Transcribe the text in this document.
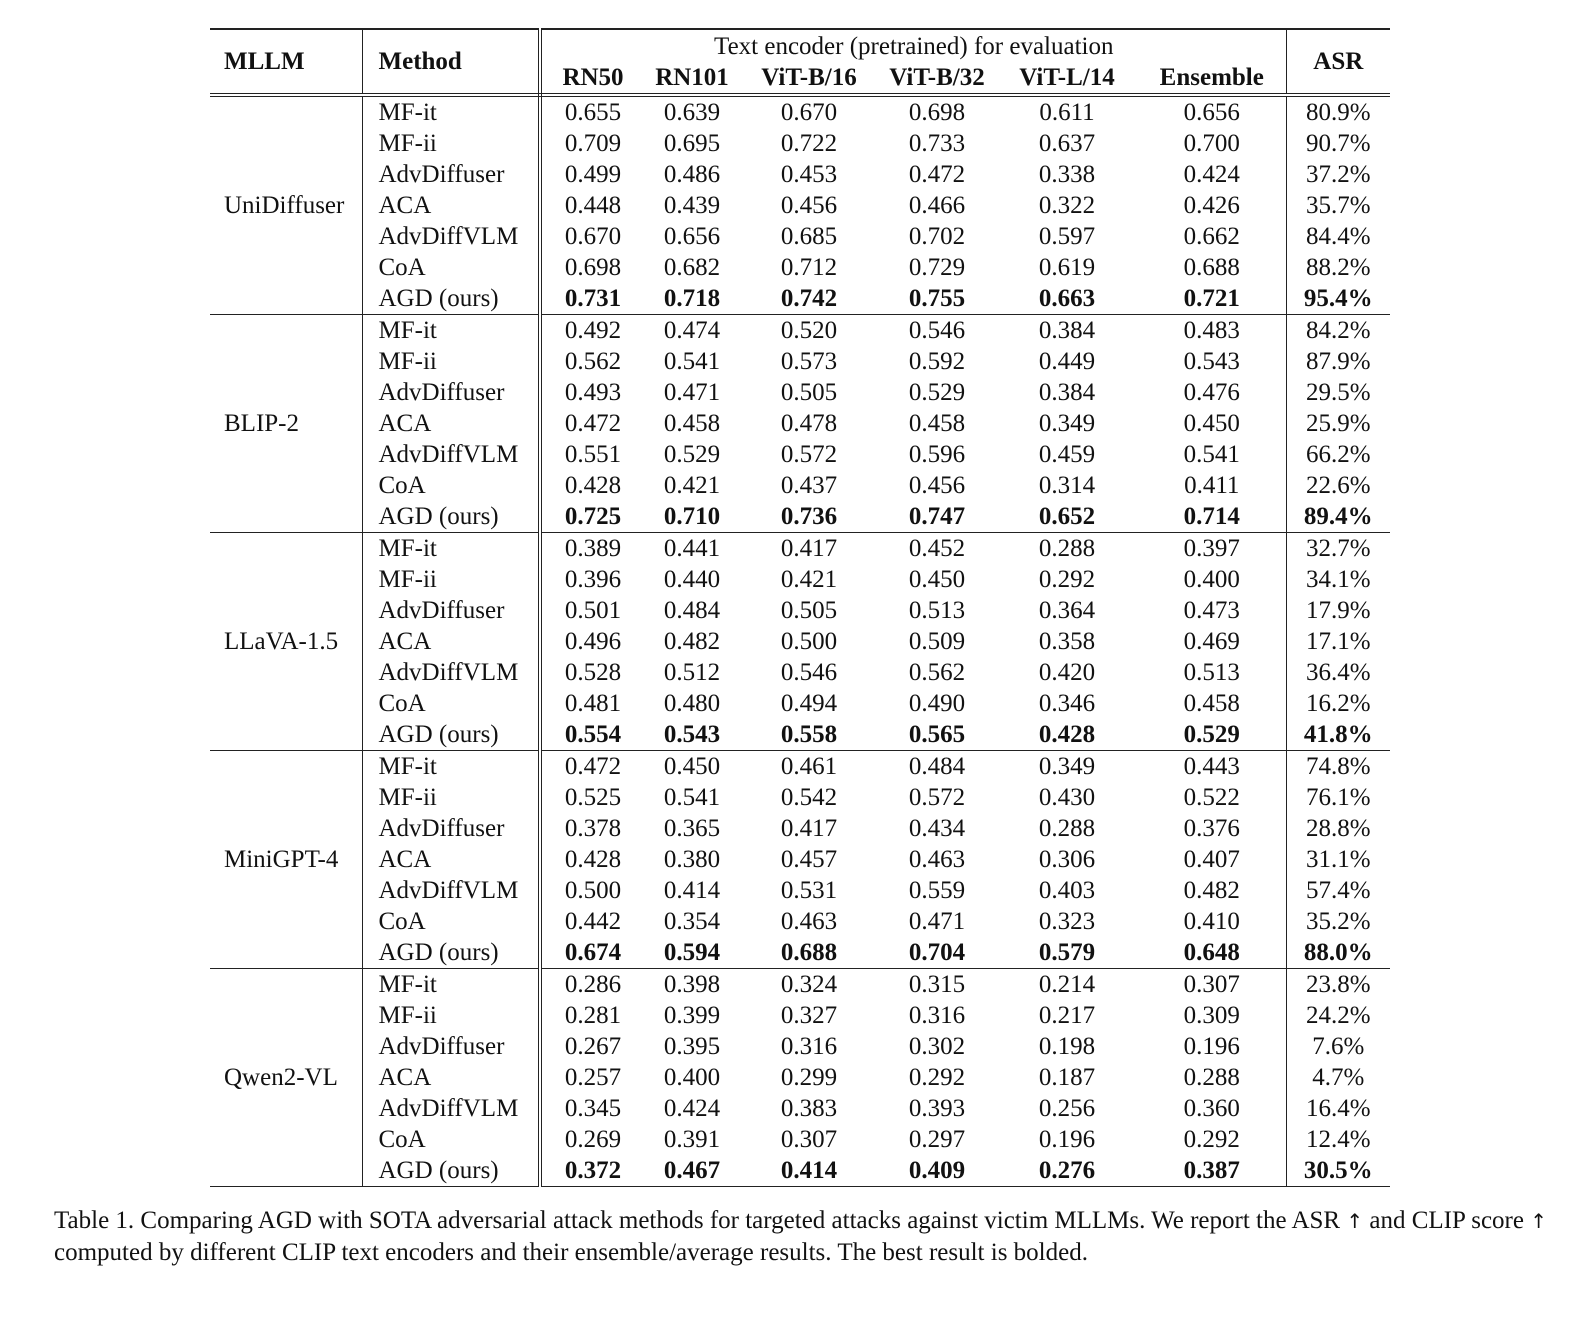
MLLM	Method	Text encoder (pretrained) for evaluation						ASR
		RN50	RN101	ViT-B/16	ViT-B/32	ViT-L/14	Ensemble	
UniDiffuser	MF-it	0.655	0.639	0.670	0.698	0.611	0.656	80.9%
	MF-ii	0.709	0.695	0.722	0.733	0.637	0.700	90.7%
	AdvDiffuser	0.499	0.486	0.453	0.472	0.338	0.424	37.2%
	ACA	0.448	0.439	0.456	0.466	0.322	0.426	35.7%
	AdvDiffVLM	0.670	0.656	0.685	0.702	0.597	0.662	84.4%
	CoA	0.698	0.682	0.712	0.729	0.619	0.688	88.2%
	AGD (ours)	0.731	0.718	0.742	0.755	0.663	0.721	95.4%
BLIP-2	MF-it	0.492	0.474	0.520	0.546	0.384	0.483	84.2%
	MF-ii	0.562	0.541	0.573	0.592	0.449	0.543	87.9%
	AdvDiffuser	0.493	0.471	0.505	0.529	0.384	0.476	29.5%
	ACA	0.472	0.458	0.478	0.458	0.349	0.450	25.9%
	AdvDiffVLM	0.551	0.529	0.572	0.596	0.459	0.541	66.2%
	CoA	0.428	0.421	0.437	0.456	0.314	0.411	22.6%
	AGD (ours)	0.725	0.710	0.736	0.747	0.652	0.714	89.4%
LLaVA-1.5	MF-it	0.389	0.441	0.417	0.452	0.288	0.397	32.7%
	MF-ii	0.396	0.440	0.421	0.450	0.292	0.400	34.1%
	AdvDiffuser	0.501	0.484	0.505	0.513	0.364	0.473	17.9%
	ACA	0.496	0.482	0.500	0.509	0.358	0.469	17.1%
	AdvDiffVLM	0.528	0.512	0.546	0.562	0.420	0.513	36.4%
	CoA	0.481	0.480	0.494	0.490	0.346	0.458	16.2%
	AGD (ours)	0.554	0.543	0.558	0.565	0.428	0.529	41.8%
MiniGPT-4	MF-it	0.472	0.450	0.461	0.484	0.349	0.443	74.8%
	MF-ii	0.525	0.541	0.542	0.572	0.430	0.522	76.1%
	AdvDiffuser	0.378	0.365	0.417	0.434	0.288	0.376	28.8%
	ACA	0.428	0.380	0.457	0.463	0.306	0.407	31.1%
	AdvDiffVLM	0.500	0.414	0.531	0.559	0.403	0.482	57.4%
	CoA	0.442	0.354	0.463	0.471	0.323	0.410	35.2%
	AGD (ours)	0.674	0.594	0.688	0.704	0.579	0.648	88.0%
Qwen2-VL	MF-it	0.286	0.398	0.324	0.315	0.214	0.307	23.8%
	MF-ii	0.281	0.399	0.327	0.316	0.217	0.309	24.2%
	AdvDiffuser	0.267	0.395	0.316	0.302	0.198	0.196	7.6%
	ACA	0.257	0.400	0.299	0.292	0.187	0.288	4.7%
	AdvDiffVLM	0.345	0.424	0.383	0.393	0.256	0.360	16.4%
	CoA	0.269	0.391	0.307	0.297	0.196	0.292	12.4%
	AGD (ours)	0.372	0.467	0.414	0.409	0.276	0.387	30.5%
Table 1. Comparing AGD with SOTA adversarial attack methods for targeted attacks against victim MLLMs. We report the ASR ↑ and CLIP score ↑ computed by different CLIP text encoders and their ensemble/average results. The best result is bolded.
